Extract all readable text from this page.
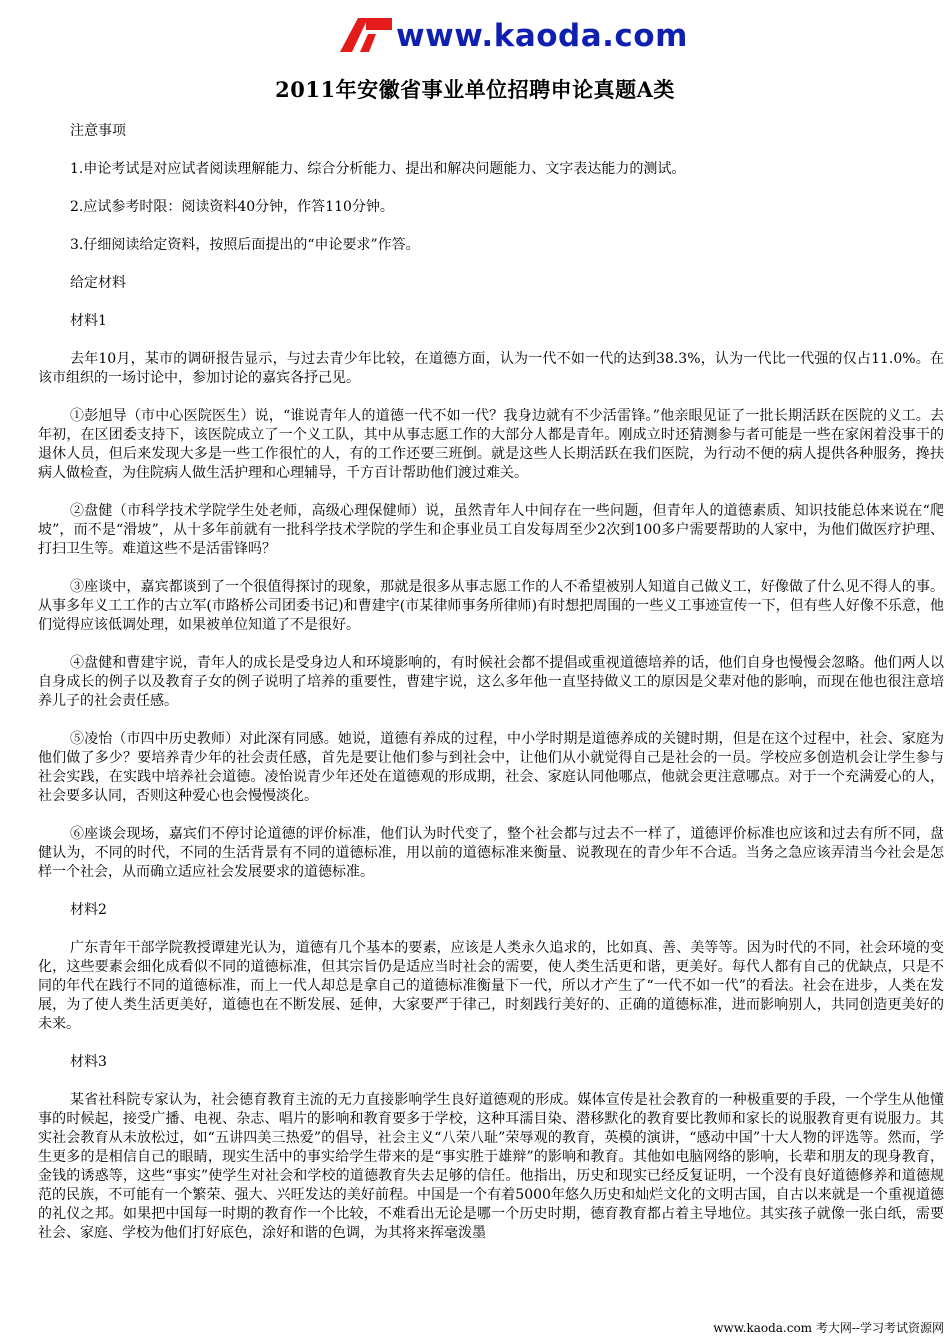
www.kaoda.com
2011年安徽省事业单位招聘申论真题A类

注意事项

1.申论考试是对应试者阅读理解能力、综合分析能力、提出和解决问题能力、文字表达能力的测试。

2.应试参考时限：阅读资料40分钟，作答110分钟。

3.仔细阅读给定资料，按照后面提出的“申论要求”作答。

给定材料

材料1

去年10月，某市的调研报告显示，与过去青少年比较，在道德方面，认为一代不如一代的达到38.3%，认为一代比一代强的仅占11.0%。在该市组织的一场讨论中，参加讨论的嘉宾各抒己见。

①彭旭导（市中心医院医生）说，“谁说青年人的道德一代不如一代？我身边就有不少活雷锋。”他亲眼见证了一批长期活跃在医院的义工。去年初，在区团委支持下，该医院成立了一个义工队，其中从事志愿工作的大部分人都是青年。刚成立时还猜测参与者可能是一些在家闲着没事干的退休人员，但后来发现大多是一些工作很忙的人，有的工作还要三班倒。就是这些人长期活跃在我们医院，为行动不便的病人提供各种服务，搀扶病人做检查，为住院病人做生活护理和心理辅导，千方百计帮助他们渡过难关。

②盘健（市科学技术学院学生处老师，高级心理保健师）说，虽然青年人中间存在一些问题，但青年人的道德素质、知识技能总体来说在“爬坡”，而不是“滑坡”，从十多年前就有一批科学技术学院的学生和企事业员工自发每周至少2次到100多户需要帮助的人家中，为他们做医疗护理、打扫卫生等。难道这些不是活雷锋吗？

③座谈中，嘉宾都谈到了一个很值得探讨的现象，那就是很多从事志愿工作的人不希望被别人知道自己做义工，好像做了什么见不得人的事。从事多年义工工作的古立军(市路桥公司团委书记)和曹建宇(市某律师事务所律师)有时想把周围的一些义工事迹宣传一下，但有些人好像不乐意，他们觉得应该低调处理，如果被单位知道了不是很好。

④盘健和曹建宇说，青年人的成长是受身边人和环境影响的，有时候社会都不提倡或重视道德培养的话，他们自身也慢慢会忽略。他们两人以自身成长的例子以及教育子女的例子说明了培养的重要性，曹建宇说，这么多年他一直坚持做义工的原因是父辈对他的影响，而现在他也很注意培养儿子的社会责任感。

⑤凌怡（市四中历史教师）对此深有同感。她说，道德有养成的过程，中小学时期是道德养成的关键时期，但是在这个过程中，社会、家庭为他们做了多少？要培养青少年的社会责任感，首先是要让他们参与到社会中，让他们从小就觉得自己是社会的一员。学校应多创造机会让学生参与社会实践，在实践中培养社会道德。凌怡说青少年还处在道德观的形成期，社会、家庭认同他哪点，他就会更注意哪点。对于一个充满爱心的人，社会要多认同，否则这种爱心也会慢慢淡化。

⑥座谈会现场，嘉宾们不停讨论道德的评价标准，他们认为时代变了，整个社会都与过去不一样了，道德评价标准也应该和过去有所不同，盘健认为，不同的时代，不同的生活背景有不同的道德标准，用以前的道德标准来衡量、说教现在的青少年不合适。当务之急应该弄清当今社会是怎样一个社会，从而确立适应社会发展要求的道德标准。

材料2

广东青年干部学院教授谭建光认为，道德有几个基本的要素，应该是人类永久追求的，比如真、善、美等等。因为时代的不同，社会环境的变化，这些要素会细化成看似不同的道德标准，但其宗旨仍是适应当时社会的需要，使人类生活更和谐，更美好。每代人都有自己的优缺点，只是不同的年代在践行不同的道德标准，而上一代人却总是拿自己的道德标准衡量下一代，所以才产生了“一代不如一代”的看法。社会在进步，人类在发展，为了使人类生活更美好，道德也在不断发展、延伸，大家要严于律己，时刻践行美好的、正确的道德标准，进而影响别人，共同创造更美好的未来。

材料3

某省社科院专家认为，社会德育教育主流的无力直接影响学生良好道德观的形成。媒体宣传是社会教育的一种极重要的手段，一个学生从他懂事的时候起，接受广播、电视、杂志、唱片的影响和教育要多于学校，这种耳濡目染、潜移默化的教育要比教师和家长的说服教育更有说服力。其实社会教育从未放松过，如“五讲四美三热爱”的倡导，社会主义“八荣八耻”荣辱观的教育，英模的演讲，“感动中国”十大人物的评选等。然而，学生更多的是相信自己的眼睛，现实生活中的事实给学生带来的是“事实胜于雄辩”的影响和教育。其他如电脑网络的影响，长辈和朋友的现身教育，金钱的诱惑等，这些“事实”使学生对社会和学校的道德教育失去足够的信任。他指出，历史和现实已经反复证明，一个没有良好道德修养和道德规范的民族，不可能有一个繁荣、强大、兴旺发达的美好前程。中国是一个有着5000年悠久历史和灿烂文化的文明古国，自古以来就是一个重视道德的礼仪之邦。如果把中国每一时期的教育作一个比较，不难看出无论是哪一个历史时期，德育教育都占着主导地位。其实孩子就像一张白纸，需要社会、家庭、学校为他们打好底色，涂好和谐的色调，为其将来挥毫泼墨

www.kaoda.com 考大网--学习考试资源网
